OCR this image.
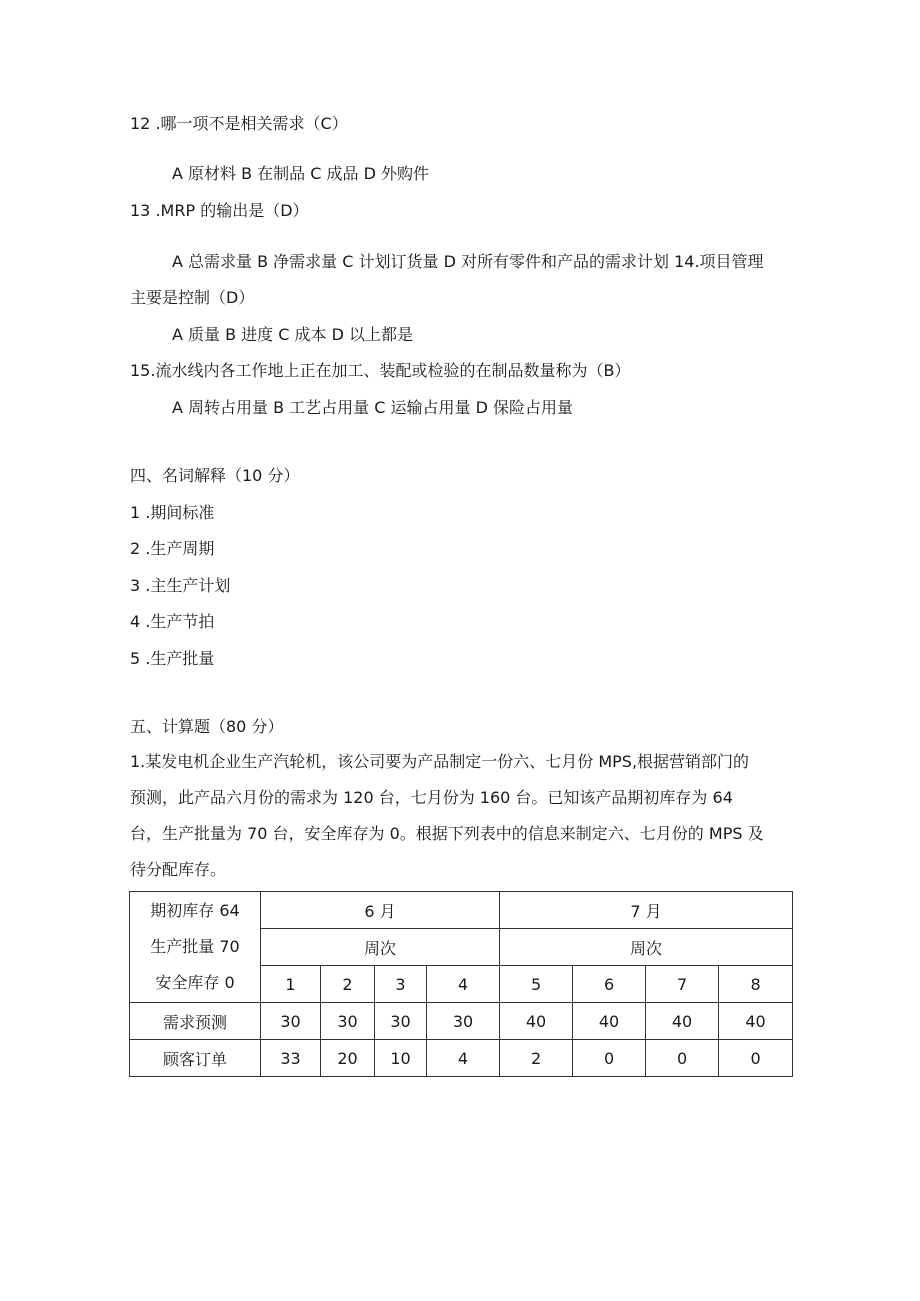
12 .哪一项不是相关需求（C）
A 原材料 B 在制品 C 成品 D 外购件
13 .MRP 的输出是（D）
A 总需求量 B 净需求量 C 计划订货量 D 对所有零件和产品的需求计划 14.项目管理
主要是控制（D）
A 质量 B 进度 C 成本 D 以上都是
15.流水线内各工作地上正在加工、装配或检验的在制品数量称为（B）
A 周转占用量 B 工艺占用量 C 运输占用量 D 保险占用量
四、名词解释（10 分）
1 .期间标准
2 .生产周期
3 .主生产计划
4 .生产节拍
5 .生产批量
五、计算题（80 分）
1.某发电机企业生产汽轮机，该公司要为产品制定一份六、七月份 MPS,根据营销部门的
预测，此产品六月份的需求为 120 台，七月份为 160 台。已知该产品期初库存为 64
台，生产批量为 70 台，安全库存为 0。根据下列表中的信息来制定六、七月份的 MPS 及
待分配库存。
期初库存 64
生产批量 70
安全库存 0	6 月				7 月			
	周次				周次			
	1	2	3	4	5	6	7	8
需求预测	30	30	30	30	40	40	40	40
顾客订单	33	20	10	4	2	0	0	0
